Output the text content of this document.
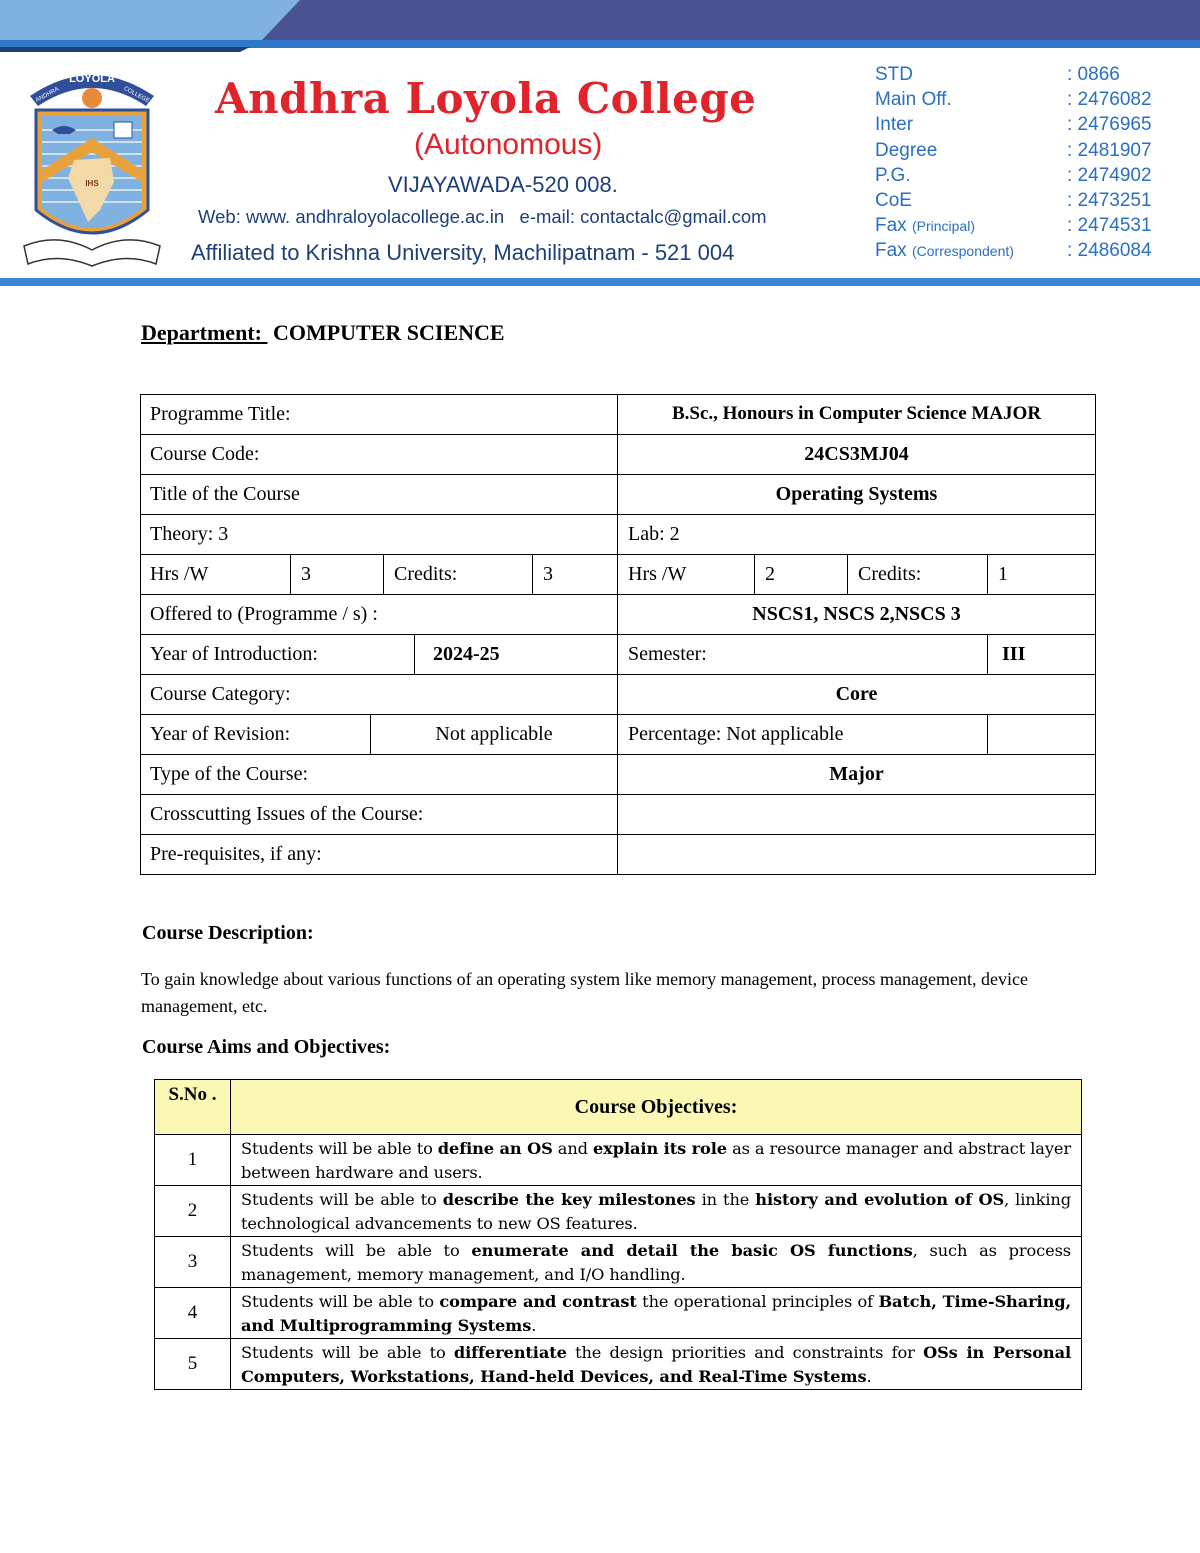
LOYOLA
ANDHRA	COLLEGE
IHS
Andhra Loyola College
(Autonomous)
VIJAYAWADA-520 008.
Web: www. andhraloyolacollege.ac.in e-mail: contactalc@gmail.com
Affiliated to Krishna University, Machilipatnam - 521 004
STD	: 0866
Main Off.	: 2476082
Inter	: 2476965
Degree	: 2481907
P.G.	: 2474902
CoE	: 2473251
Fax (Principal)	: 2474531
Fax (Correspondent)	: 2486084
Department: COMPUTER SCIENCE
Programme Title:	B.Sc., Honours in Computer Science MAJOR
Course Code:	24CS3MJ04
Title of the Course	Operating Systems
Theory: 3	Lab: 2
Hrs /W	3	Credits:	3	Hrs /W	2	Credits:	1
Offered to (Programme / s) :	NSCS1, NSCS 2,NSCS 3
Year of Introduction:	2024-25	Semester:	III
Course Category:	Core
Year of Revision:	Not applicable	Percentage: Not applicable
Type of the Course:	Major
Crosscutting Issues of the Course:
Pre-requisites, if any:
Course Description:
To gain knowledge about various functions of an operating system like memory management, process management, device management, etc.
Course Aims and Objectives:
S.No .	Course Objectives:
1	Students will be able to define an OS and explain its role as a resource manager and abstract layer between hardware and users.
2	Students will be able to describe the key milestones in the history and evolution of OS, linking technological advancements to new OS features.
3	Students will be able to enumerate and detail the basic OS functions, such as process management, memory management, and I/O handling.
4	Students will be able to compare and contrast the operational principles of Batch, Time-Sharing, and Multiprogramming Systems.
5	Students will be able to differentiate the design priorities and constraints for OSs in Personal Computers, Workstations, Hand-held Devices, and Real-Time Systems.
